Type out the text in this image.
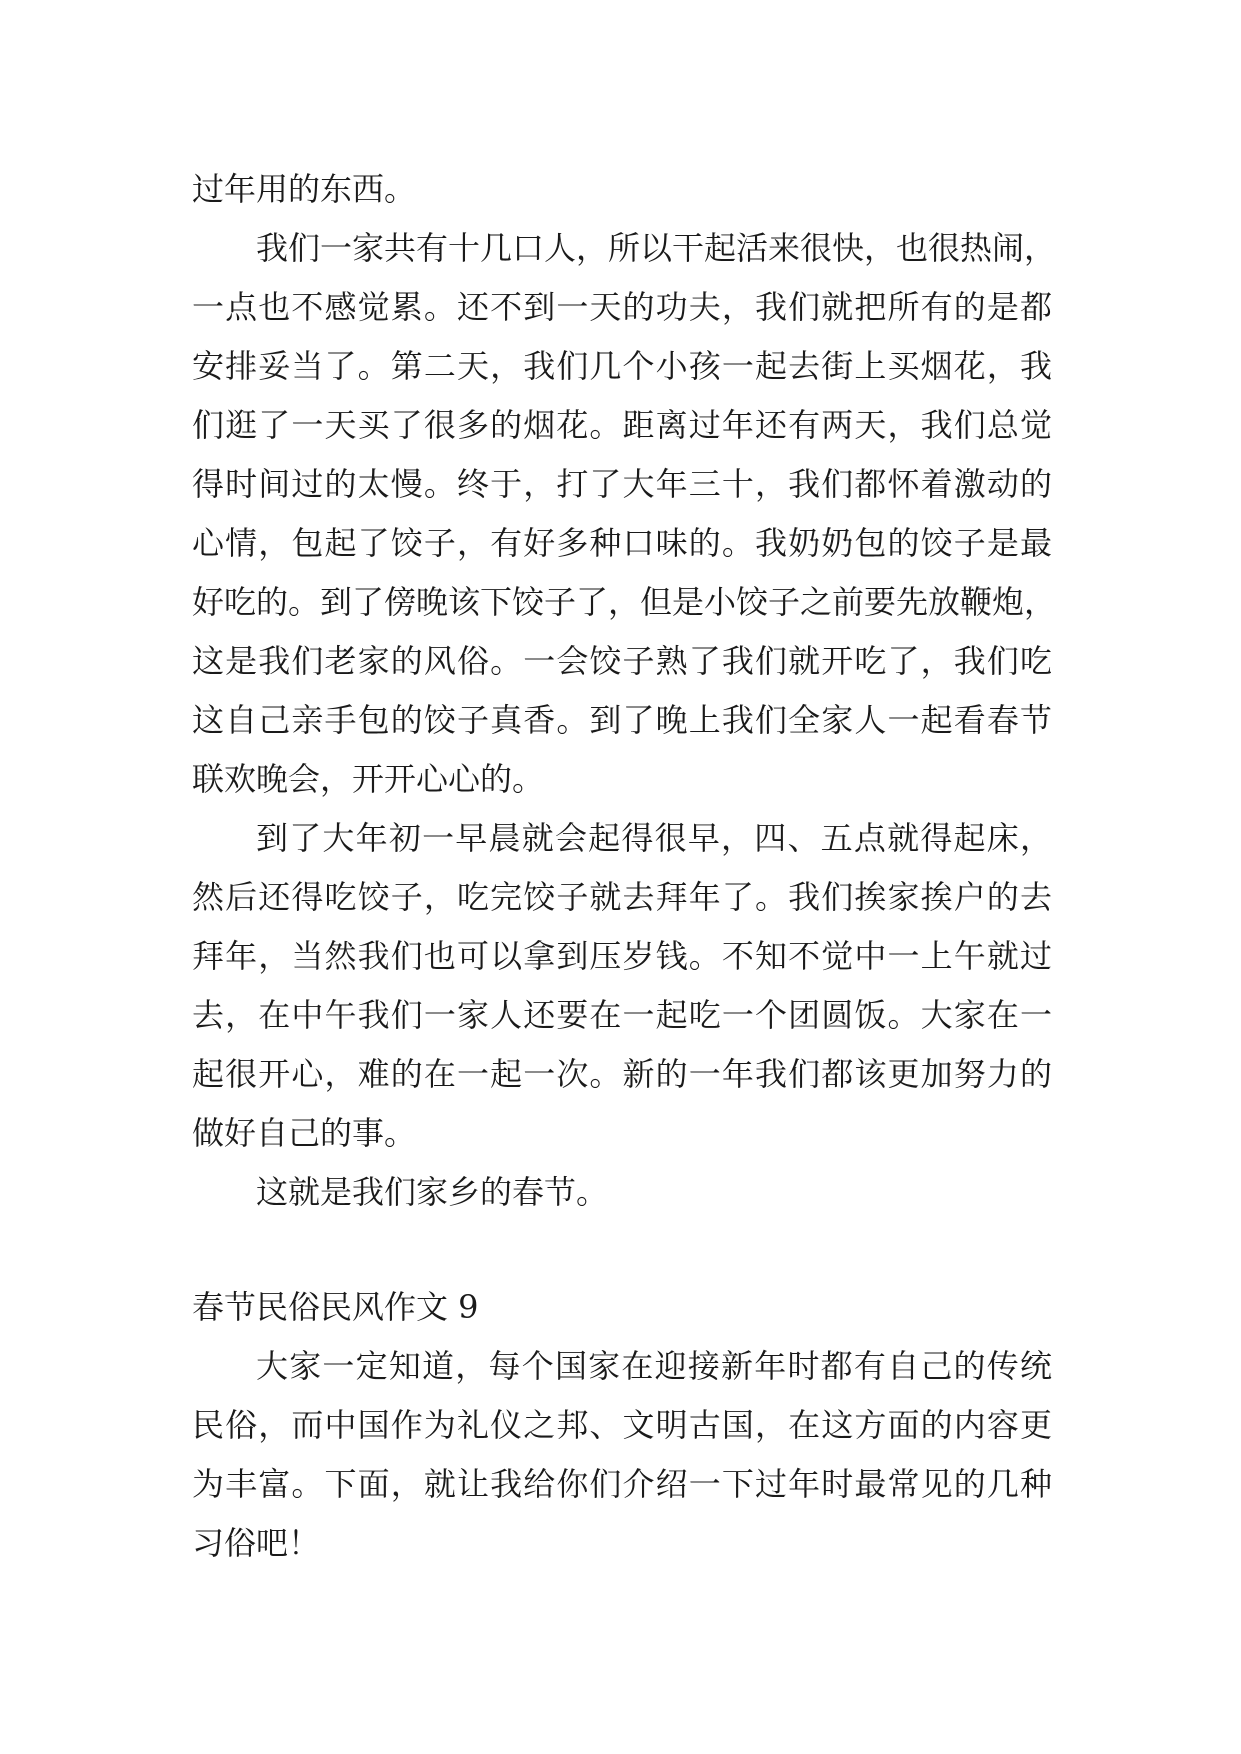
过年用的东西。
我们一家共有十几口人，所以干起活来很快，也很热闹，
一点也不感觉累。还不到一天的功夫，我们就把所有的是都
安排妥当了。第二天，我们几个小孩一起去街上买烟花，我
们逛了一天买了很多的烟花。距离过年还有两天，我们总觉
得时间过的太慢。终于，打了大年三十，我们都怀着激动的
心情，包起了饺子，有好多种口味的。我奶奶包的饺子是最
好吃的。到了傍晚该下饺子了，但是小饺子之前要先放鞭炮，
这是我们老家的风俗。一会饺子熟了我们就开吃了，我们吃
这自己亲手包的饺子真香。到了晚上我们全家人一起看春节
联欢晚会，开开心心的。
到了大年初一早晨就会起得很早，四、五点就得起床，
然后还得吃饺子，吃完饺子就去拜年了。我们挨家挨户的去
拜年，当然我们也可以拿到压岁钱。不知不觉中一上午就过
去，在中午我们一家人还要在一起吃一个团圆饭。大家在一
起很开心，难的在一起一次。新的一年我们都该更加努力的
做好自己的事。
这就是我们家乡的春节。
春节民俗民风作文 9
大家一定知道，每个国家在迎接新年时都有自己的传统
民俗，而中国作为礼仪之邦、文明古国，在这方面的内容更
为丰富。下面，就让我给你们介绍一下过年时最常见的几种
习俗吧！
